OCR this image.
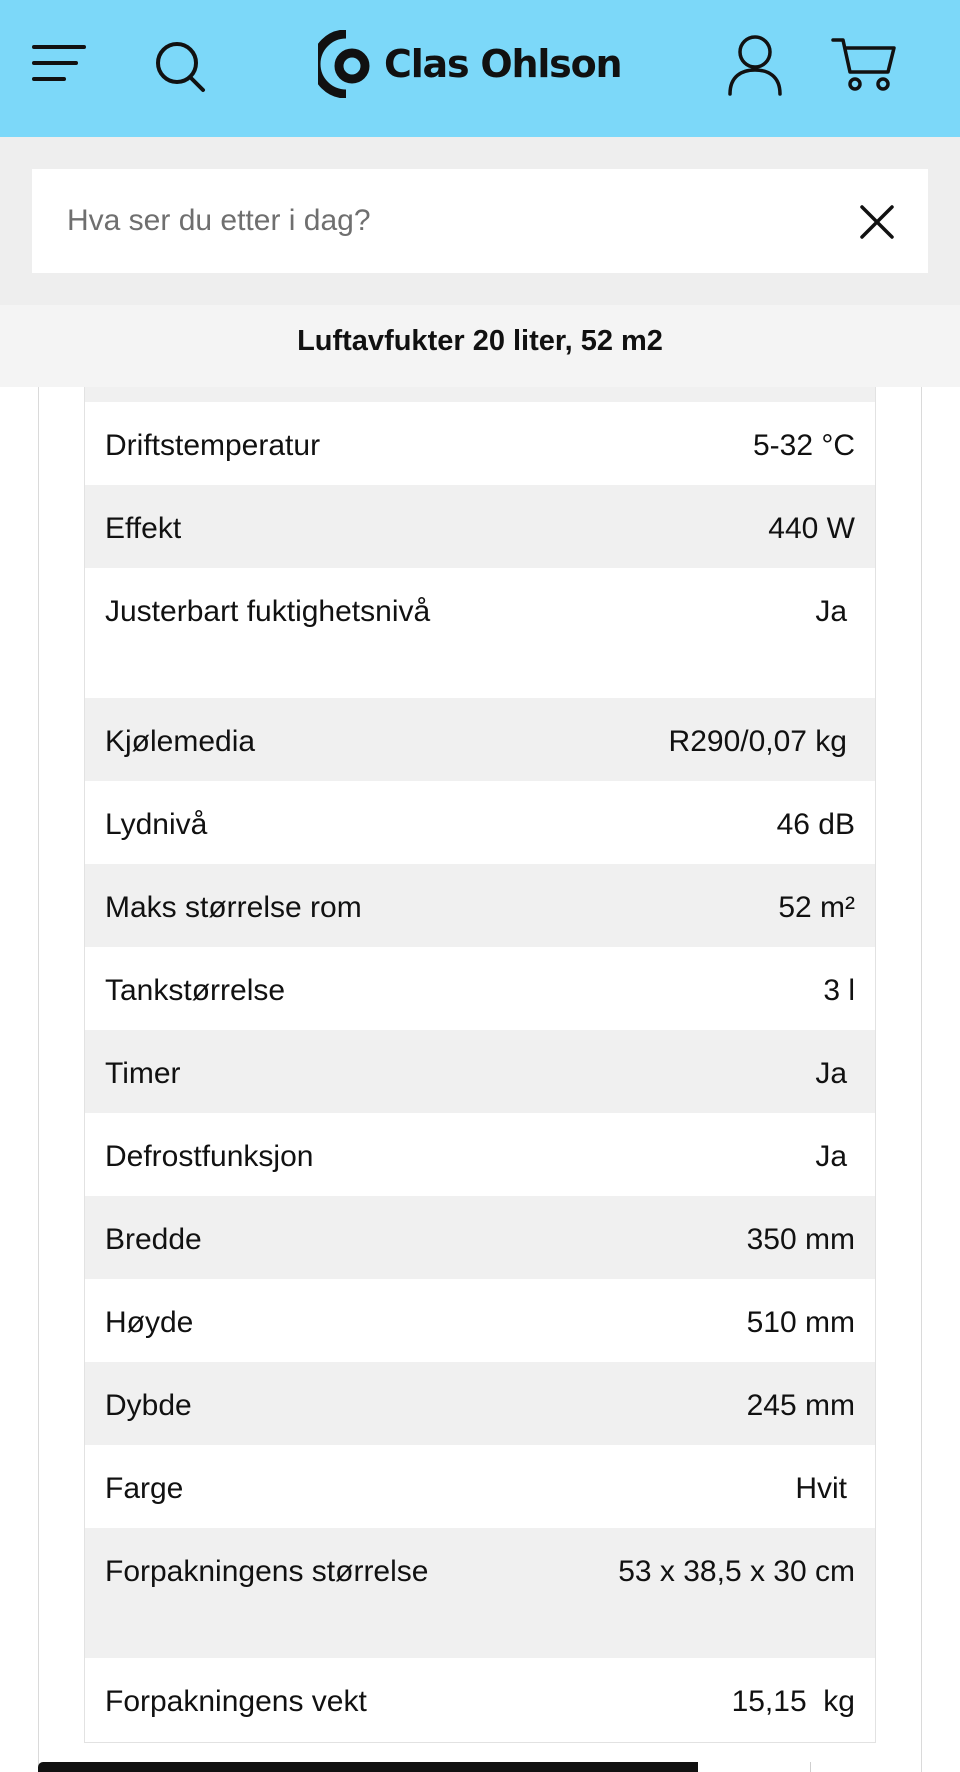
Clas Ohlson
Hva ser du etter i dag?
Luftavfukter 20 liter, 52 m2
Driftstemperatur	5-32 °C
Effekt	440 W
Justerbart fuktighetsnivå	Ja
Kjølemedia	R290/0,07 kg
Lydnivå	46 dB
Maks størrelse rom	52 m²
Tankstørrelse	3 l
Timer	Ja
Defrostfunksjon	Ja
Bredde	350 mm
Høyde	510 mm
Dybde	245 mm
Farge	Hvit
Forpakningens størrelse	53 x 38,5 x 30 cm
Forpakningens vekt	15,15  kg
